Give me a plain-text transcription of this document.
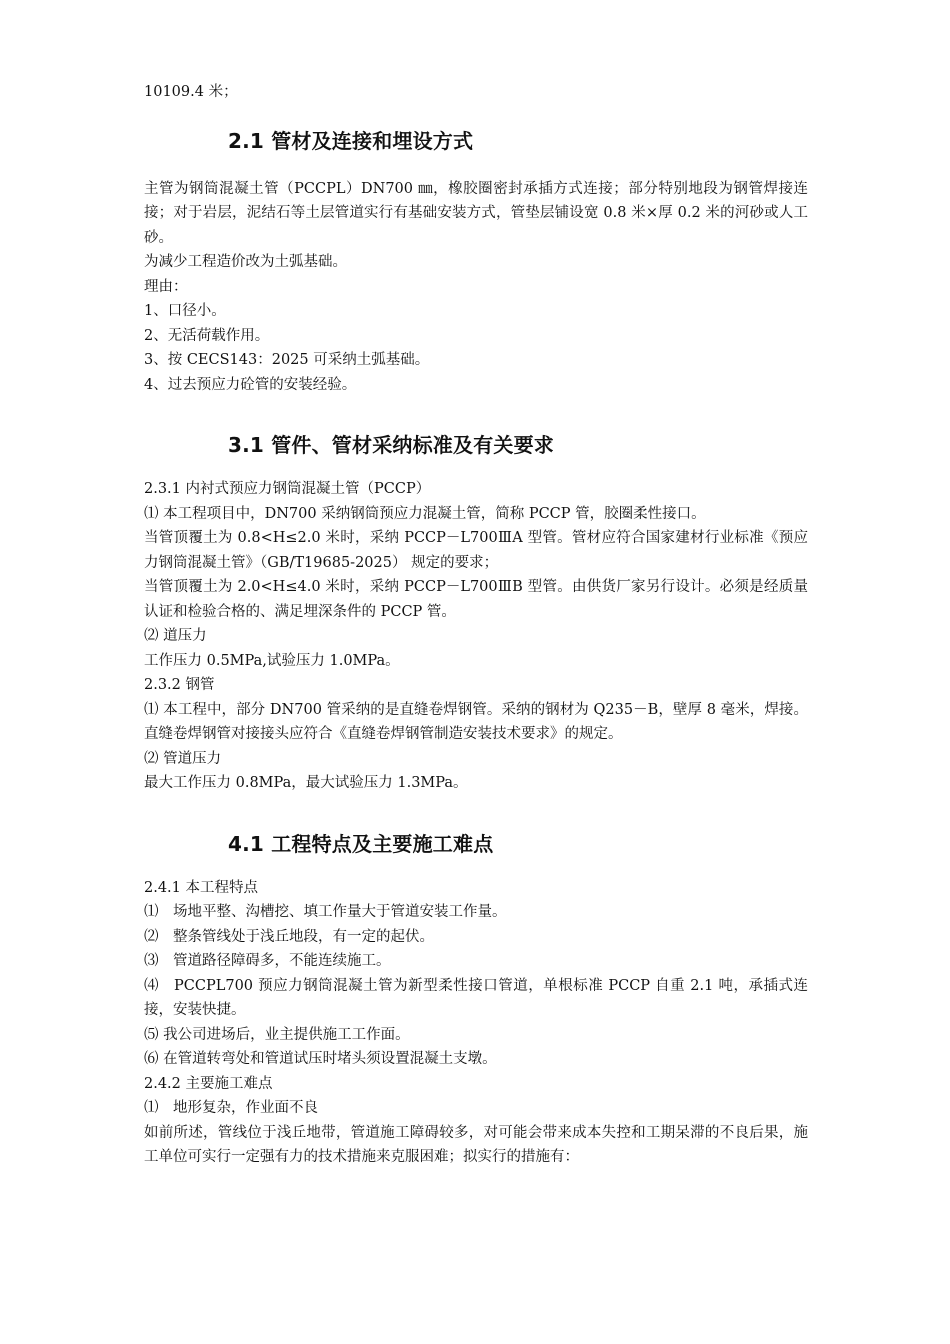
10109.4 米；

2.1 管材及连接和埋设方式

主管为钢筒混凝土管（PCCPL）DN700 ㎜，橡胶圈密封承插方式连接；部分特别地段为钢管焊接连接；对于岩层，泥结石等土层管道实行有基础安装方式，管垫层铺设宽 0.8 米×厚 0.2 米的河砂或人工砂。

为减少工程造价改为土弧基础。

理由：

1、口径小。

2、无活荷载作用。

3、按 CECS143：2025 可采纳土弧基础。

4、过去预应力砼管的安装经验。

3.1 管件、管材采纳标准及有关要求

2.3.1 内衬式预应力钢筒混凝土管（PCCP）

⑴ 本工程项目中，DN700 采纳钢筒预应力混凝土管，简称 PCCP 管，胶圈柔性接口。

当管顶覆土为 0.8<H≤2.0 米时，采纳 PCCP－L700ⅢA 型管。管材应符合国家建材行业标准《预应力钢筒混凝土管》（GB/T19685-2025） 规定的要求；

当管顶覆土为 2.0<H≤4.0 米时，采纳 PCCP－L700ⅢB 型管。由供货厂家另行设计。必须是经质量认证和检验合格的、满足埋深条件的 PCCP 管。

⑵ 道压力

工作压力 0.5MPa,试验压力 1.0MPa。

2.3.2 钢管

⑴ 本工程中，部分 DN700 管采纳的是直缝卷焊钢管。采纳的钢材为 Q235－B，壁厚 8 毫米，焊接。直缝卷焊钢管对接接头应符合《直缝卷焊钢管制造安装技术要求》的规定。

⑵ 管道压力

最大工作压力 0.8MPa，最大试验压力 1.3MPa。

4.1 工程特点及主要施工难点

2.4.1 本工程特点

⑴　场地平整、沟槽挖、填工作量大于管道安装工作量。

⑵　整条管线处于浅丘地段，有一定的起伏。

⑶　管道路径障碍多，不能连续施工。

⑷　PCCPL700 预应力钢筒混凝土管为新型柔性接口管道，单根标准 PCCP 自重 2.1 吨，承插式连接，安装快捷。

⑸ 我公司进场后，业主提供施工工作面。

⑹ 在管道转弯处和管道试压时堵头须设置混凝土支墩。

2.4.2 主要施工难点

⑴　地形复杂，作业面不良

如前所述，管线位于浅丘地带，管道施工障碍较多，对可能会带来成本失控和工期呆滞的不良后果，施工单位可实行一定强有力的技术措施来克服困难；拟实行的措施有：
